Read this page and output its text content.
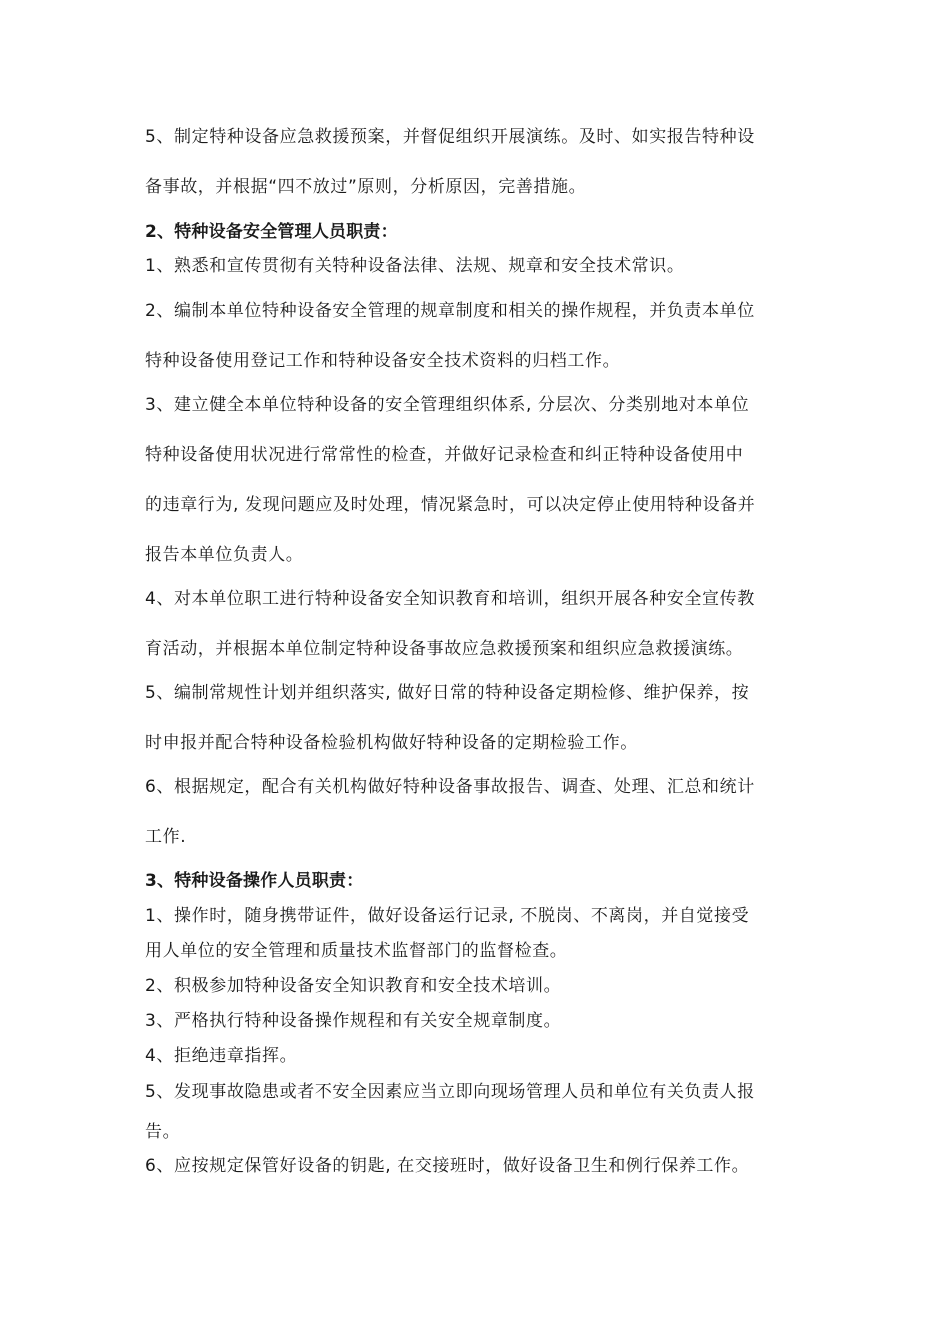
5、制定特种设备应急救援预案，并督促组织开展演练。及时、如实报告特种设
备事故，并根据“四不放过”原则，分析原因，完善措施。
2、特种设备安全管理人员职责：
1、熟悉和宣传贯彻有关特种设备法律、法规、规章和安全技术常识。
2、编制本单位特种设备安全管理的规章制度和相关的操作规程，并负责本单位
特种设备使用登记工作和特种设备安全技术资料的归档工作。
3、建立健全本单位特种设备的安全管理组织体系, 分层次、分类别地对本单位
特种设备使用状况进行常常性的检查，并做好记录检查和纠正特种设备使用中
的违章行为, 发现问题应及时处理，情况紧急时，可以决定停止使用特种设备并
报告本单位负责人。
4、对本单位职工进行特种设备安全知识教育和培训，组织开展各种安全宣传教
育活动，并根据本单位制定特种设备事故应急救援预案和组织应急救援演练。
5、编制常规性计划并组织落实, 做好日常的特种设备定期检修、维护保养，按
时申报并配合特种设备检验机构做好特种设备的定期检验工作。
6、根据规定，配合有关机构做好特种设备事故报告、调查、处理、汇总和统计
工作.
3、特种设备操作人员职责：
1、操作时，随身携带证件，做好设备运行记录, 不脱岗、不离岗，并自觉接受
用人单位的安全管理和质量技术监督部门的监督检查。
2、积极参加特种设备安全知识教育和安全技术培训。
3、严格执行特种设备操作规程和有关安全规章制度。
4、拒绝违章指挥。
5、发现事故隐患或者不安全因素应当立即向现场管理人员和单位有关负责人报
告。
6、应按规定保管好设备的钥匙, 在交接班时，做好设备卫生和例行保养工作。
